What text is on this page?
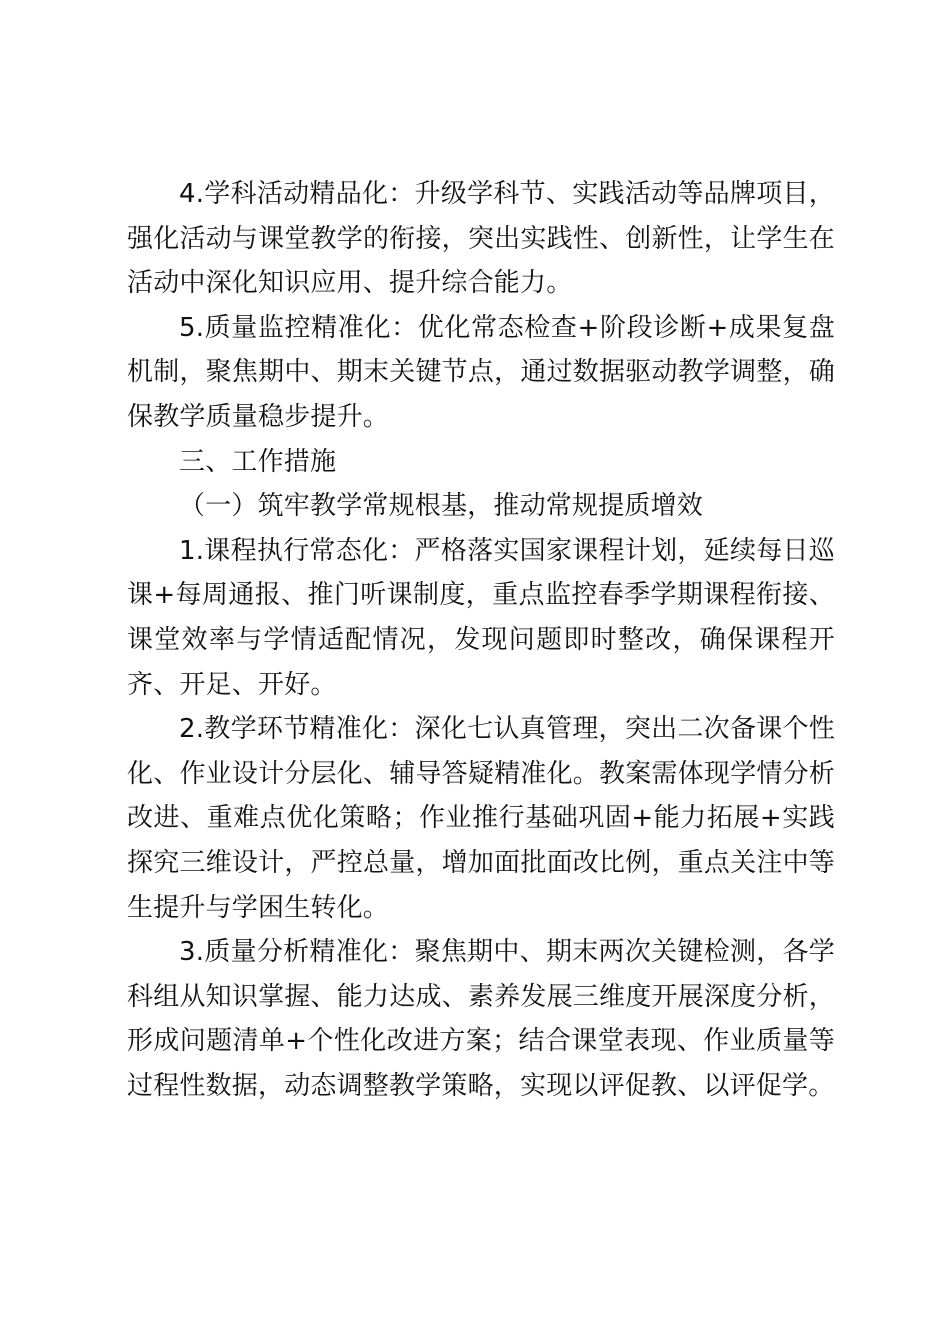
4.学科活动精品化：升级学科节、实践活动等品牌项目，强化活动与课堂教学的衔接，突出实践性、创新性，让学生在活动中深化知识应用、提升综合能力。

5.质量监控精准化：优化常态检查+阶段诊断+成果复盘机制，聚焦期中、期末关键节点，通过数据驱动教学调整，确保教学质量稳步提升。

三、工作措施

（一）筑牢教学常规根基，推动常规提质增效

1.课程执行常态化：严格落实国家课程计划，延续每日巡课+每周通报、推门听课制度，重点监控春季学期课程衔接、课堂效率与学情适配情况，发现问题即时整改，确保课程开齐、开足、开好。

2.教学环节精准化：深化七认真管理，突出二次备课个性化、作业设计分层化、辅导答疑精准化。教案需体现学情分析改进、重难点优化策略；作业推行基础巩固+能力拓展+实践探究三维设计，严控总量，增加面批面改比例，重点关注中等生提升与学困生转化。

3.质量分析精准化：聚焦期中、期末两次关键检测，各学科组从知识掌握、能力达成、素养发展三维度开展深度分析，形成问题清单+个性化改进方案；结合课堂表现、作业质量等过程性数据，动态调整教学策略，实现以评促教、以评促学。
